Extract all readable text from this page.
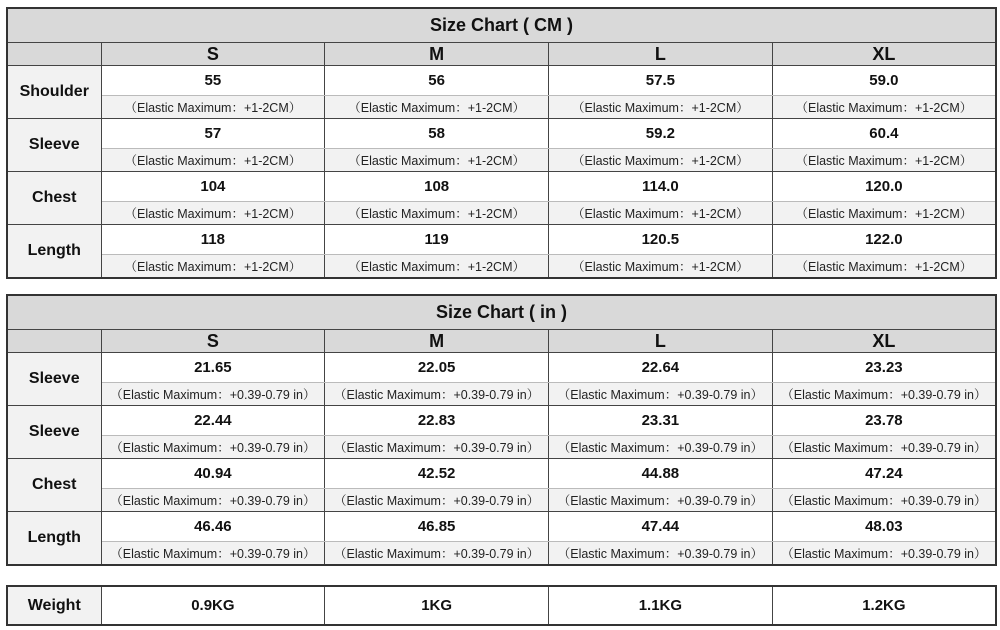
Size Chart ( CM )				
	S	M	L	XL
Shoulder	55	56	57.5	59.0
	（Elastic Maximum：+1-2CM）	（Elastic Maximum：+1-2CM）	（Elastic Maximum：+1-2CM）	（Elastic Maximum：+1-2CM）
Sleeve	57	58	59.2	60.4
	（Elastic Maximum：+1-2CM）	（Elastic Maximum：+1-2CM）	（Elastic Maximum：+1-2CM）	（Elastic Maximum：+1-2CM）
Chest	104	108	114.0	120.0
	（Elastic Maximum：+1-2CM）	（Elastic Maximum：+1-2CM）	（Elastic Maximum：+1-2CM）	（Elastic Maximum：+1-2CM）
Length	118	119	120.5	122.0
	（Elastic Maximum：+1-2CM）	（Elastic Maximum：+1-2CM）	（Elastic Maximum：+1-2CM）	（Elastic Maximum：+1-2CM）
Size Chart ( in )				
	S	M	L	XL
Sleeve	21.65	22.05	22.64	23.23
	（Elastic Maximum：+0.39-0.79 in）	（Elastic Maximum：+0.39-0.79 in）	（Elastic Maximum：+0.39-0.79 in）	（Elastic Maximum：+0.39-0.79 in）
Sleeve	22.44	22.83	23.31	23.78
	（Elastic Maximum：+0.39-0.79 in）	（Elastic Maximum：+0.39-0.79 in）	（Elastic Maximum：+0.39-0.79 in）	（Elastic Maximum：+0.39-0.79 in）
Chest	40.94	42.52	44.88	47.24
	（Elastic Maximum：+0.39-0.79 in）	（Elastic Maximum：+0.39-0.79 in）	（Elastic Maximum：+0.39-0.79 in）	（Elastic Maximum：+0.39-0.79 in）
Length	46.46	46.85	47.44	48.03
	（Elastic Maximum：+0.39-0.79 in）	（Elastic Maximum：+0.39-0.79 in）	（Elastic Maximum：+0.39-0.79 in）	（Elastic Maximum：+0.39-0.79 in）
Weight	0.9KG	1KG	1.1KG	1.2KG
